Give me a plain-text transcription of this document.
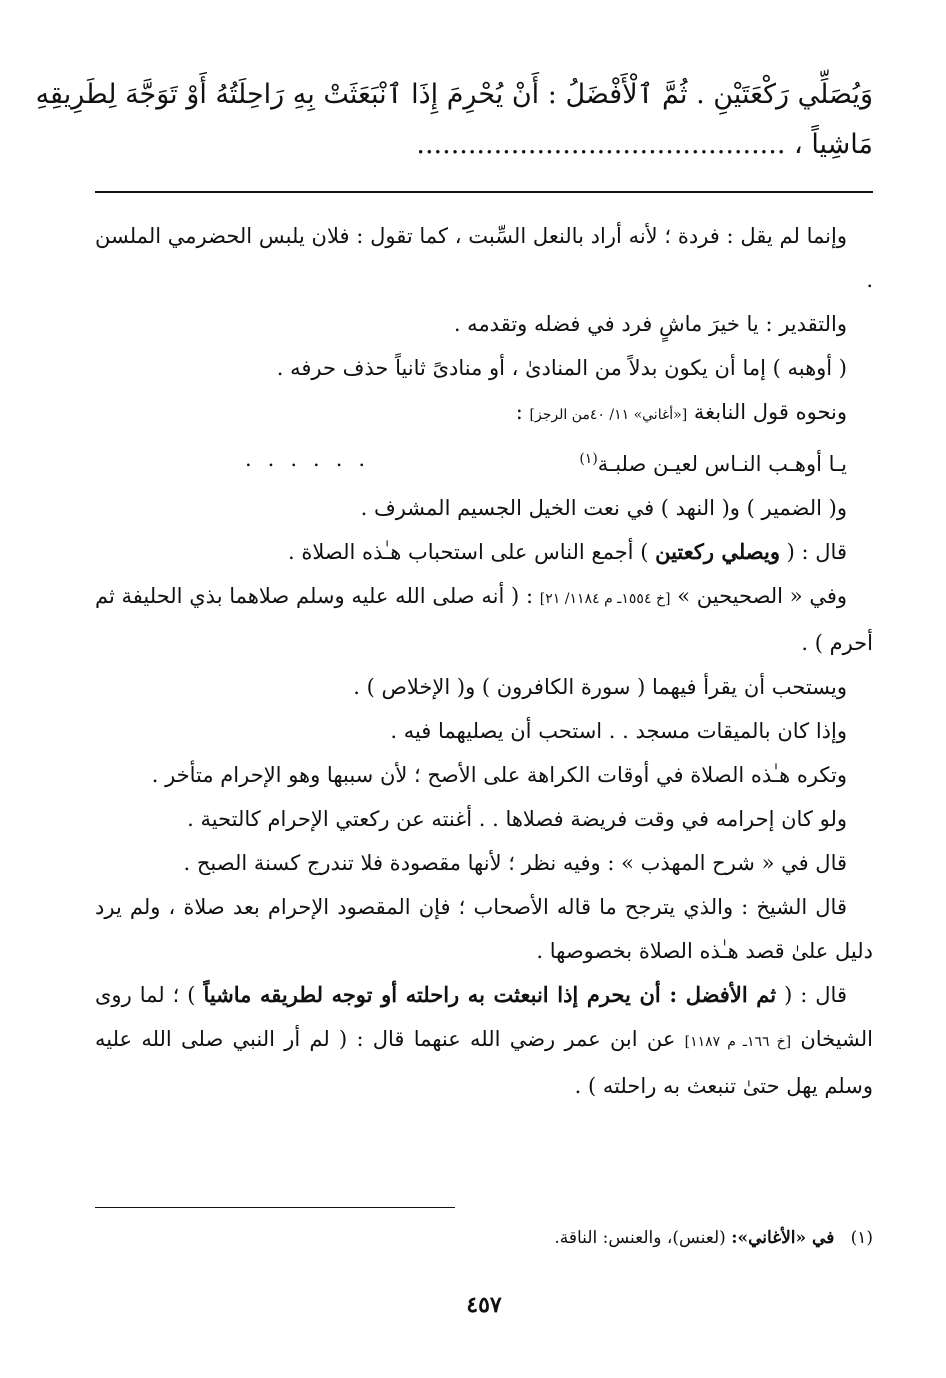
وَيُصَلِّي رَكْعَتَيْنِ . ثُمَّ ٱلْأَفْضَلُ : أَنْ يُحْرِمَ إِذَا ٱنْبَعَثَتْ بِهِ رَاحِلَتُهُ أَوْ تَوَجَّهَ لِطَرِيقِهِ

مَاشِياً ، ...........................................

وإنما لم يقل : فردة ؛ لأنه أراد بالنعل السِّبت ، كما تقول : فلان يلبس الحضرمي الملسن .

والتقدير : يا خيرَ ماشٍ فرد في فضله وتقدمه .

( أوهبه ) إما أن يكون بدلاً من المنادىٰ ، أو منادىً ثانياً حذف حرفه .

ونحوه قول النابغة [«أغاني» ١١/ ٤٠من الرجز] :

يـا أوهـب النـاس لعيـن صلبـة$^{(١)}$
......

و( الضمير ) و( النهد ) في نعت الخيل الجسيم المشرف .

قال : ( ويصلي ركعتين ) أجمع الناس على استحباب هـٰذه الصلاة .

وفي « الصحيحين » [خ ١٥٥٤ـ م ١١٨٤/ ٢١] : ( أنه صلى الله عليه وسلم صلاهما بذي الحليفة ثم أحرم ) .

ويستحب أن يقرأ فيهما ( سورة الكافرون ) و( الإخلاص ) .

وإذا كان بالميقات مسجد . . استحب أن يصليهما فيه .

وتكره هـٰذه الصلاة في أوقات الكراهة على الأصح ؛ لأن سببها وهو الإحرام متأخر .

ولو كان إحرامه في وقت فريضة فصلاها . . أغنته عن ركعتي الإحرام كالتحية .

قال في « شرح المهذب » : وفيه نظر ؛ لأنها مقصودة فلا تندرج كسنة الصبح .

قال الشيخ : والذي يترجح ما قاله الأصحاب ؛ فإن المقصود الإحرام بعد صلاة ، ولم يرد دليل علىٰ قصد هـٰذه الصلاة بخصوصها .

قال : ( ثم الأفضل : أن يحرم إذا انبعثت به راحلته أو توجه لطريقه ماشياً ) ؛ لما روى الشيخان [خ ١٦٦ـ م ١١٨٧] عن ابن عمر رضي الله عنهما قال : ( لم أر النبي صلى الله عليه وسلم يهل حتىٰ تنبعث به راحلته ) .

(١)   في «الأغاني»: (لعنس)، والعنس: الناقة.
٤٥٧
